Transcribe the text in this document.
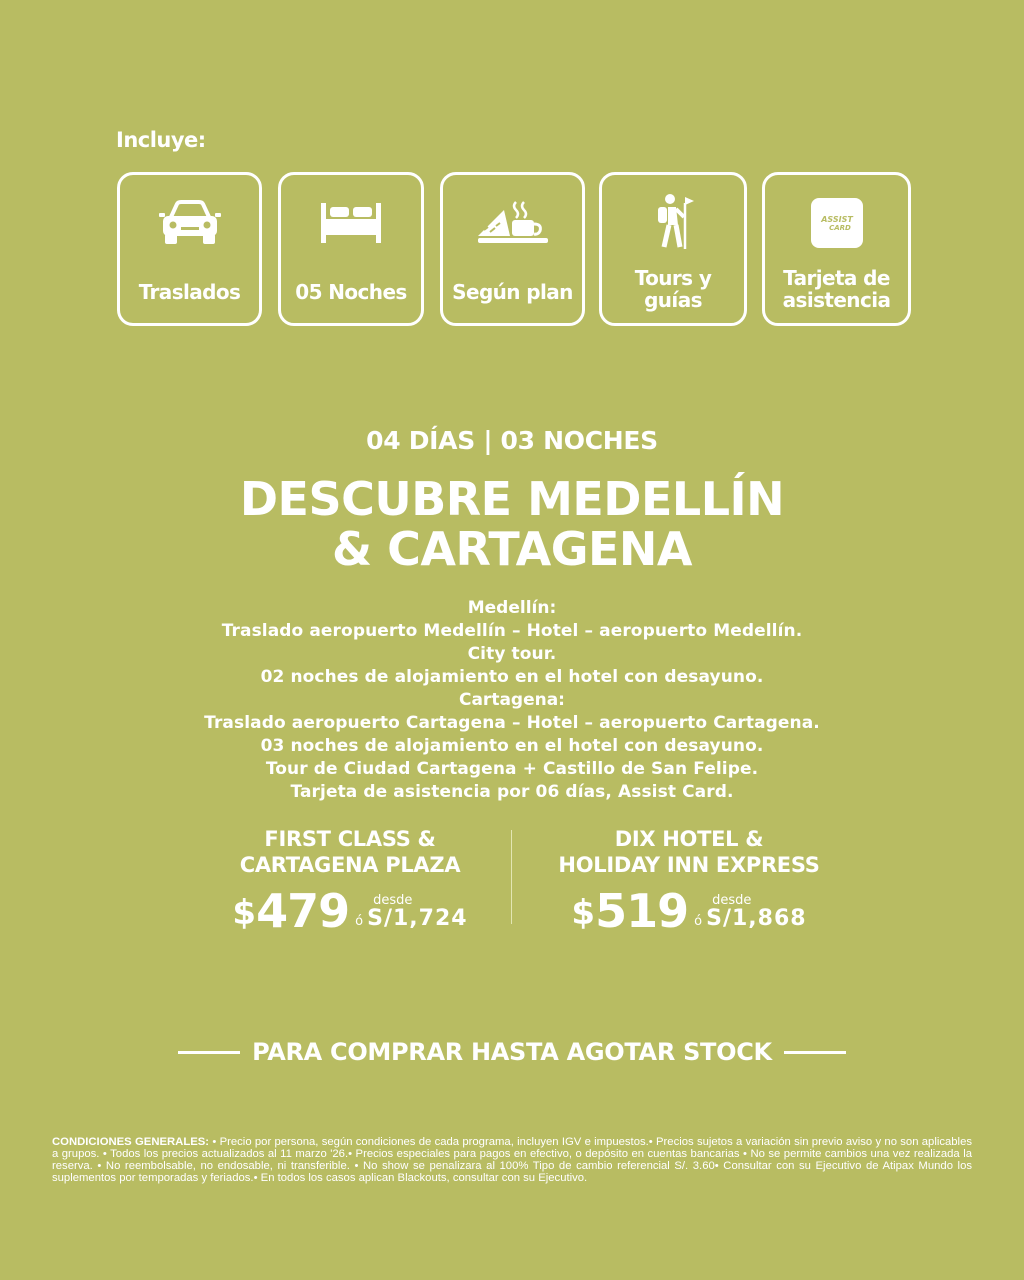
Incluye:
Traslados	05 Noches Según plan
Tours y
guías
ASSIST
CARD
Tarjeta de
asistencia
04 DÍAS | 03 NOCHES
DESCUBRE MEDELLÍN
& CARTAGENA
Medellín:
Traslado aeropuerto Medellín – Hotel – aeropuerto Medellín.
City tour.
02 noches de alojamiento en el hotel con desayuno.
Cartagena:
Traslado aeropuerto Cartagena – Hotel – aeropuerto Cartagena.
03 noches de alojamiento en el hotel con desayuno.
Tour de Ciudad Cartagena + Castillo de San Felipe.
Tarjeta de asistencia por 06 días, Assist Card.
FIRST CLASS &
CARTAGENA PLAZA
$ 479 desde
ó S/1,724
DIX HOTEL &
HOLIDAY INN EXPRESS
$ 519 desde
ó S/1,868
PARA COMPRAR HASTA AGOTAR STOCK
CONDICIONES GENERALES: • Precio por persona, según condiciones de cada programa, incluyen IGV e impuestos.• Precios sujetos a variación sin previo aviso y no son aplicables a grupos. • Todos los precios actualizados al 11 marzo '26.• Precios especiales para pagos en efectivo, o depósito en cuentas bancarias • No se permite cambios una vez realizada la reserva. • No reembolsable, no endosable, ni transferible. • No show se penalizara al 100% Tipo de cambio referencial S/. 3.60• Consultar con su Ejecutivo de Atipax Mundo los suplementos por temporadas y feriados.• En todos los casos aplican Blackouts, consultar con su Ejecutivo.
